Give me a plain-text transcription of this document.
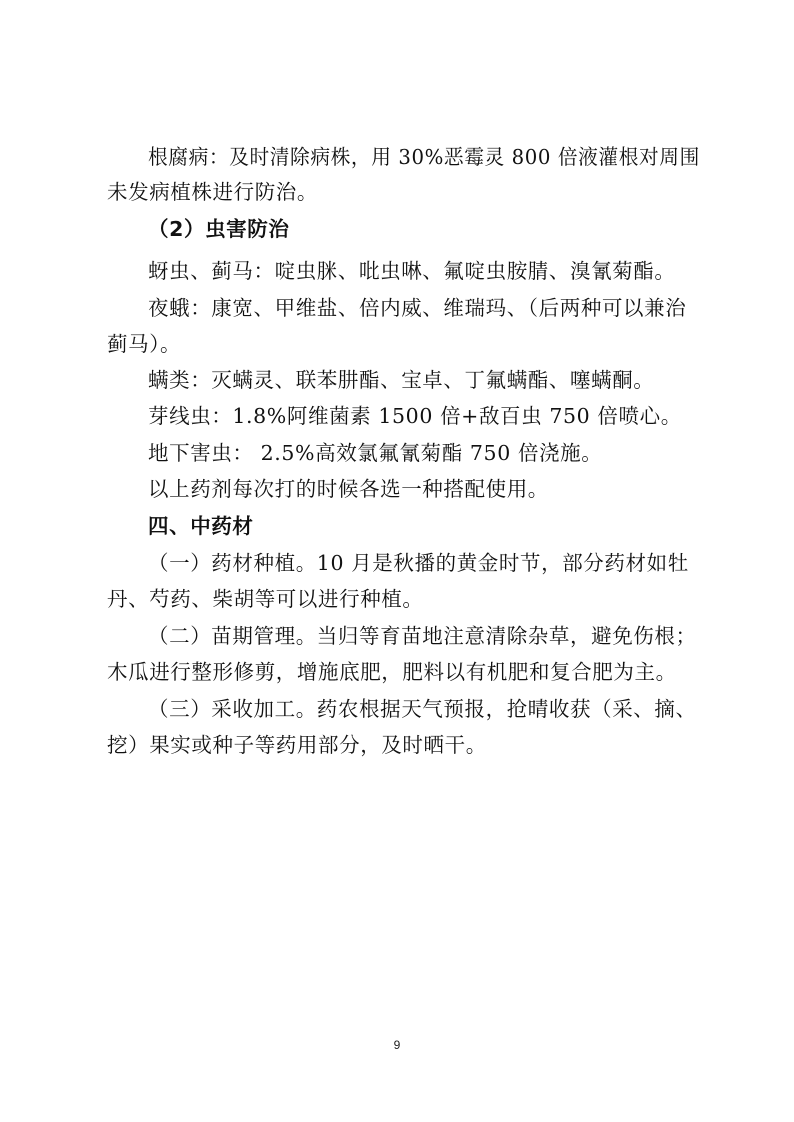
根腐病：及时清除病株，用 30%恶霉灵 800 倍液灌根对周围
未发病植株进行防治。
（2）虫害防治
蚜虫、蓟马：啶虫脒、吡虫啉、氟啶虫胺腈、溴氰菊酯。
夜蛾：康宽、甲维盐、倍内威、维瑞玛、（后两种可以兼治
蓟马）。
螨类：灭螨灵、联苯肼酯、宝卓、丁氟螨酯、噻螨酮。
芽线虫：1.8%阿维菌素 1500 倍+敌百虫 750 倍喷心。
地下害虫： 2.5%高效氯氟氰菊酯 750 倍浇施。
以上药剂每次打的时候各选一种搭配使用。
四、中药材
（一）药材种植。10 月是秋播的黄金时节，部分药材如牡
丹、芍药、柴胡等可以进行种植。
（二）苗期管理。当归等育苗地注意清除杂草，避免伤根；
木瓜进行整形修剪，增施底肥，肥料以有机肥和复合肥为主。
（三）采收加工。药农根据天气预报，抢晴收获（采、摘、
挖）果实或种子等药用部分，及时晒干。
9
